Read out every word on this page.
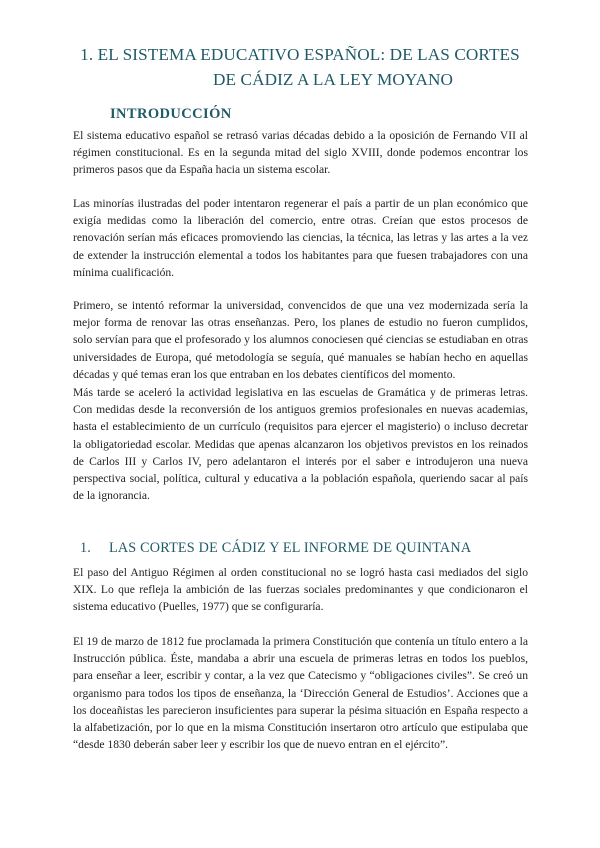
1. EL SISTEMA EDUCATIVO ESPAÑOL: DE LAS CORTES
DE CÁDIZ A LA LEY MOYANO
INTRODUCCIÓN

El sistema educativo español se retrasó varias décadas debido a la oposición de Fernando VII al régimen constitucional. Es en la segunda mitad del siglo XVIII, donde podemos encontrar los primeros pasos que da España hacia un sistema escolar.

Las minorías ilustradas del poder intentaron regenerar el país a partir de un plan económico que exigía medidas como la liberación del comercio, entre otras. Creían que estos procesos de renovación serían más eficaces promoviendo las ciencias, la técnica, las letras y las artes a la vez de extender la instrucción elemental a todos los habitantes para que fuesen trabajadores con una mínima cualificación.

Primero, se intentó reformar la universidad, convencidos de que una vez modernizada sería la mejor forma de renovar las otras enseñanzas. Pero, los planes de estudio no fueron cumplidos, solo servían para que el profesorado y los alumnos conociesen qué ciencias se estudiaban en otras universidades de Europa, qué metodología se seguía, qué manuales se habían hecho en aquellas décadas y qué temas eran los que entraban en los debates científicos del momento.

Más tarde se aceleró la actividad legislativa en las escuelas de Gramática y de primeras letras. Con medidas desde la reconversión de los antiguos gremios profesionales en nuevas academias, hasta el establecimiento de un currículo (requisitos para ejercer el magisterio) o incluso decretar la obligatoriedad escolar. Medidas que apenas alcanzaron los objetivos previstos en los reinados de Carlos III y Carlos IV, pero adelantaron el interés por el saber e introdujeron una nueva perspectiva social, política, cultural y educativa a la población española, queriendo sacar al país de la ignorancia.

1. LAS CORTES DE CÁDIZ Y EL INFORME DE QUINTANA

El paso del Antiguo Régimen al orden constitucional no se logró hasta casi mediados del siglo XIX. Lo que refleja la ambición de las fuerzas sociales predominantes y que condicionaron el sistema educativo (Puelles, 1977) que se configuraría.

El 19 de marzo de 1812 fue proclamada la primera Constitución que contenía un título entero a la Instrucción pública. Éste, mandaba a abrir una escuela de primeras letras en todos los pueblos, para enseñar a leer, escribir y contar, a la vez que Catecismo y “obligaciones civiles”. Se creó un organismo para todos los tipos de enseñanza, la ‘Dirección General de Estudios’. Acciones que a los doceañistas les parecieron insuficientes para superar la pésima situación en España respecto a la alfabetización, por lo que en la misma Constitución insertaron otro artículo que estipulaba que “desde 1830 deberán saber leer y escribir los que de nuevo entran en el ejército”.
